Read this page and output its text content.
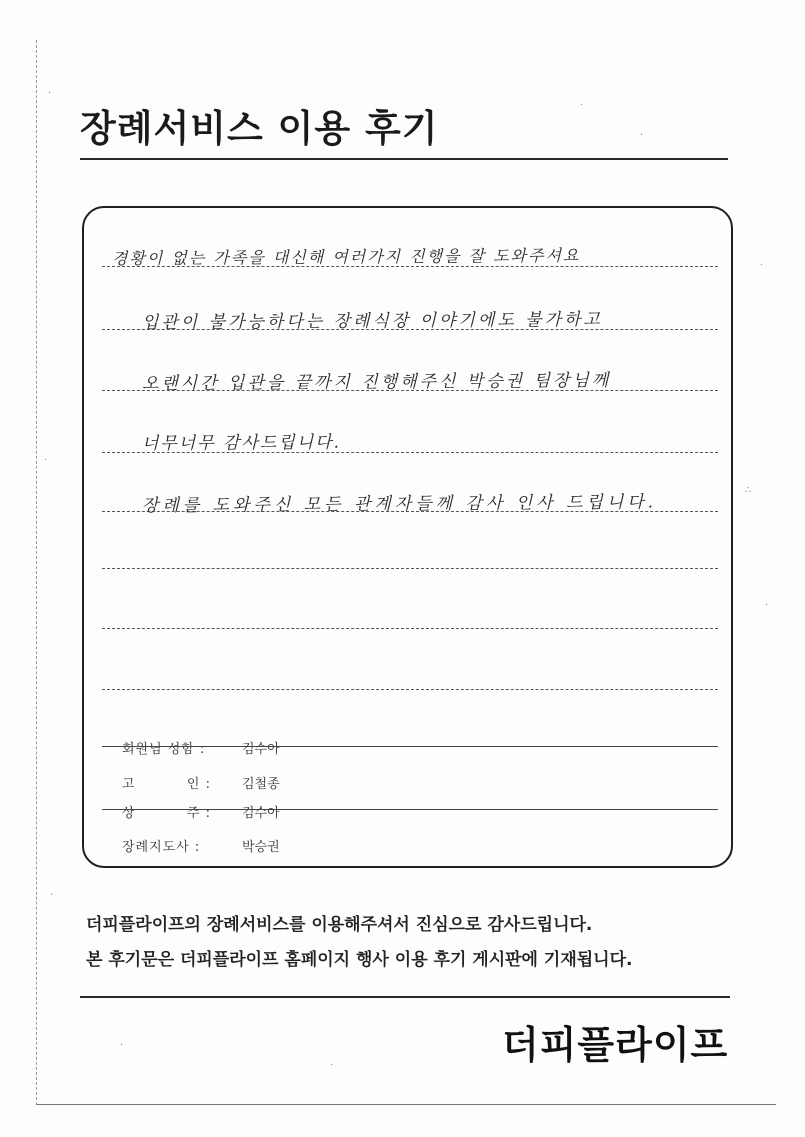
장례서비스 이용 후기
경황이 없는 가족을 대신해 여러가지 진행을 잘 도와주셔요
입관이 불가능하다는 장례식장 이야기에도 불가하고
오랜시간 입관을 끝까지 진행해주신 박승권 팀장님께
너무너무 감사드립니다.
장례를 도와주신 모든 관계자들께 감사 인사 드립니다.
회원님 성함 :	김수아
고          인 : 김철종
상          주 : 김수아
장례지도사 :	박승권
더피플라이프의 장례서비스를 이용해주셔서 진심으로 감사드립니다.
본 후기문은 더피플라이프 홈페이지 행사 이용 후기 게시판에 기재됩니다.
더피플라이프
·
·
·
·
∴
·
·
·
·
·
